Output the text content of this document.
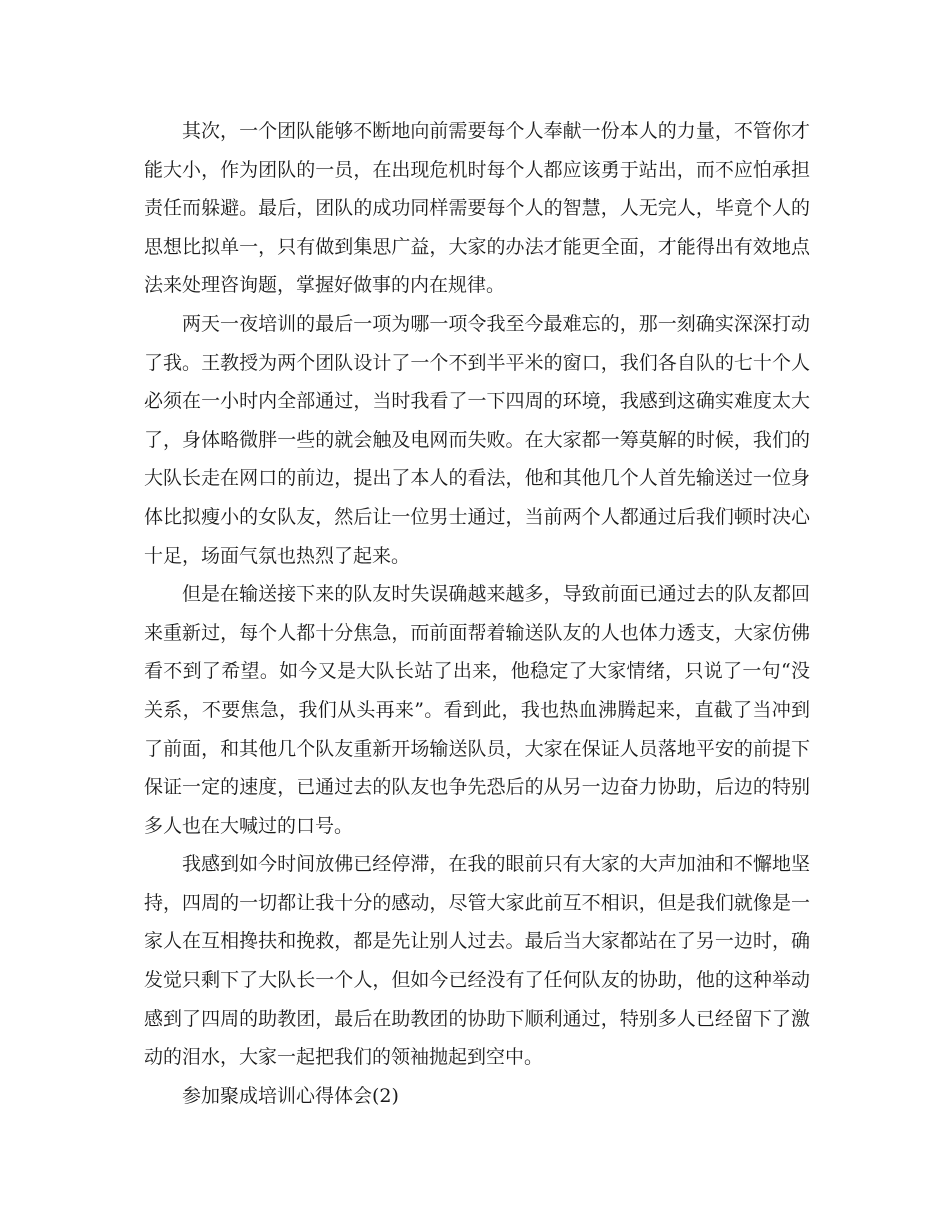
其次，一个团队能够不断地向前需要每个人奉献一份本人的力量，不管你才能大小，作为团队的一员，在出现危机时每个人都应该勇于站出，而不应怕承担责任而躲避。最后，团队的成功同样需要每个人的智慧，人无完人，毕竟个人的思想比拟单一，只有做到集思广益，大家的办法才能更全面，才能得出有效地点法来处理咨询题，掌握好做事的内在规律。

两天一夜培训的最后一项为哪一项令我至今最难忘的，那一刻确实深深打动了我。王教授为两个团队设计了一个不到半平米的窗口，我们各自队的七十个人必须在一小时内全部通过，当时我看了一下四周的环境，我感到这确实难度太大了，身体略微胖一些的就会触及电网而失败。在大家都一筹莫解的时候，我们的大队长走在网口的前边，提出了本人的看法，他和其他几个人首先输送过一位身体比拟瘦小的女队友，然后让一位男士通过，当前两个人都通过后我们顿时决心十足，场面气氛也热烈了起来。

但是在输送接下来的队友时失误确越来越多，导致前面已通过去的队友都回来重新过，每个人都十分焦急，而前面帮着输送队友的人也体力透支，大家仿佛看不到了希望。如今又是大队长站了出来，他稳定了大家情绪，只说了一句“没关系，不要焦急，我们从头再来”。看到此，我也热血沸腾起来，直截了当冲到了前面，和其他几个队友重新开场输送队员，大家在保证人员落地平安的前提下保证一定的速度，已通过去的队友也争先恐后的从另一边奋力协助，后边的特别多人也在大喊过的口号。

我感到如今时间放佛已经停滞，在我的眼前只有大家的大声加油和不懈地坚持，四周的一切都让我十分的感动，尽管大家此前互不相识，但是我们就像是一家人在互相搀扶和挽救，都是先让别人过去。最后当大家都站在了另一边时，确发觉只剩下了大队长一个人，但如今已经没有了任何队友的协助，他的这种举动感到了四周的助教团，最后在助教团的协助下顺利通过，特别多人已经留下了激动的泪水，大家一起把我们的领袖抛起到空中。

参加聚成培训心得体会(2)
